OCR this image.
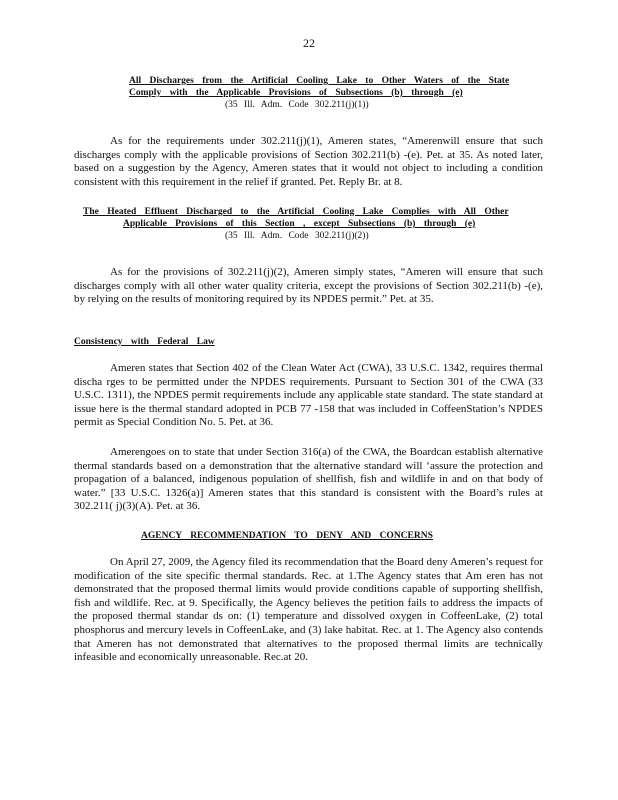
22
All Discharges from the Artificial Cooling Lake to Other Waters of the State
Comply with the Applicable Provisions of Subsections (b) through (e)
(35 Ill. Adm. Code 302.211(j)(1))

As for the requirements under 302.211(j)(1), Ameren states, “Amerenwill ensure that such discharges comply with the applicable provisions of Section 302.211(b) -(e). Pet. at 35. As noted later, based on a suggestion by the Agency, Ameren states that it would not object to including a condition consistent with this requirement in the relief if granted. Pet. Reply Br. at 8.

The Heated Effluent Discharged to the Artificial Cooling Lake Complies with All Other
Applicable Provisions of this Section , except Subsections (b) through (e)
(35 Ill. Adm. Code 302.211(j)(2))

As for the provisions of 302.211(j)(2), Ameren simply states, “Ameren will ensure that such discharges comply with all other water quality criteria, except the provisions of Section 302.211(b) -(e), by relying on the results of monitoring required by its NPDES permit.” Pet. at 35.

Consistency with Federal Law

Ameren states that Section 402 of the Clean Water Act (CWA), 33 U.S.C. 1342, requires thermal discha rges to be permitted under the NPDES requirements. Pursuant to Section 301 of the CWA (33 U.S.C. 1311), the NPDES permit requirements include any applicable state standard. The state standard at issue here is the thermal standard adopted in PCB 77 -158 that was included in CoffeenStation’s NPDES permit as Special Condition No. 5. Pet. at 36.

Amerengoes on to state that under Section 316(a) of the CWA, the Boardcan establish alternative thermal standards based on a demonstration that the alternative standard will ‘assure the protection and propagation of a balanced, indigenous population of shellfish, fish and wildlife in and on that body of water.” [33 U.S.C. 1326(a)] Ameren states that this standard is consistent with the Board’s rules at 302.211( j)(3)(A). Pet. at 36.

AGENCY RECOMMENDATION TO DENY AND CONCERNS

On April 27, 2009, the Agency filed its recommendation that the Board deny Ameren’s request for modification of the site specific thermal standards. Rec. at 1.The Agency states that Am eren has not demonstrated that the proposed thermal limits would provide conditions capable of supporting shellfish, fish and wildlife. Rec. at 9. Specifically, the Agency believes the petition fails to address the impacts of the proposed thermal standar ds on: (1) temperature and dissolved oxygen in CoffeenLake, (2) total phosphorus and mercury levels in CoffeenLake, and (3) lake habitat. Rec. at 1. The Agency also contends that Ameren has not demonstrated that alternatives to the proposed thermal limits are technically infeasible and economically unreasonable. Rec.at 20.
